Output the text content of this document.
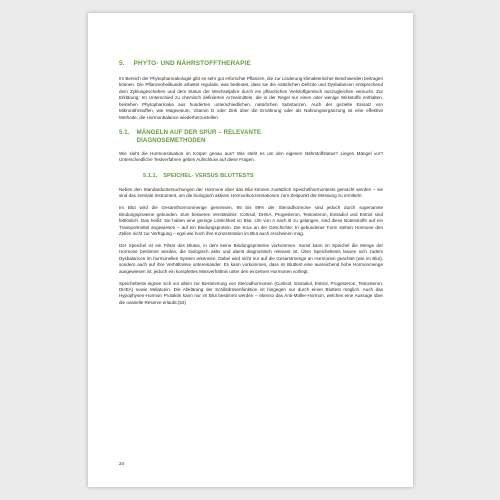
5. PHYTO- UND NÄHRSTOFFTHERAPIE

Im Bereich der Phytopharmakologie gibt es sehr gut erforschte Pflanzen, die zur Linderung klimakterischer Beschwerden beitragen können. Die Pflanzenheilkunde arbeitet regulativ, was bedeutet, dass sie die natürlichen Defizite und Dysbalancen entsprechend dem Zyklusgeschehen und dem Status der Wechseljahre durch ein pflanzliches Vielstoffgemisch auszugleichen versucht. Zur Erklärung: Im Unterschied zu chemisch definierten Arzneimitteln, die in der Regel nur einen oder wenige Wirkstoffe enthalten, bestehen Phytopharmaka aus hunderten unterschiedlichen, natürlichen Substanzen. Auch der gezielte Einsatz von Mikronährstoffen, wie Magnesium, Vitamin D oder Zink über die Ernährung oder als Nahrungsergänzung ist eine effektive Methode, die Hormonbalance wiederherzustellen.

5.1. MÄNGELN AUF DER SPUR – RELEVANTE
DIAGNOSEMETHODEN

Wie sieht die Hormonsituation im Körper genau aus? Wie steht es um den eigenen Nährstoffstatus? Liegen Mängel vor? Unterschiedliche Testverfahren geben Aufschluss auf diese Fragen.

5.1.1. SPEICHEL- VERSUS BLUTTESTS

Neben den Standarduntersuchungen der Hormone über das Blut können zusätzlich Speichelhormontests gemacht werden – sie sind das zentrale Instrument, um die biologisch aktiven Hormonkonzentrationen zum Zeitpunkt der Messung zu ermitteln.

Im Blut wird die Gesamthormonmenge gemessen. 95 bis 98% der Steroidhormone sind jedoch durch sogenannte Bindungsproteine gebunden. Zum besseren Verständnis: Cortisol, DHEA, Progesteron, Testosteron, Estradiol und Estriol sind fettlöslich. Das heißt: Sie haben eine geringe Löslichkeit im Blut. Um von A nach B zu gelangen, sind diese Botenstoffe auf ein Transportmittel angewiesen – auf ein Bindungsprotein. Die Krux an der Geschichte: In gebundener Form stehen Hormone den Zellen nicht zur Verfügung – egal wie hoch ihre Konzentration im Blut auch erscheinen mag.

Der Speichel ist ein Filtrat des Blutes, in dem keine Bindungsproteine vorkommen. Somit kann im Speichel die Menge der Hormone bestimmt werden, die biologisch aktiv und damit diagnostisch relevant ist. Über Speicheltests lassen sich zudem Dysbalancen im hormonellen System erkennen. Dabei wird nicht nur auf die Gesamtmenge an Hormonen geachtet (wie im Blut), sondern auch auf ihre Verhältnisse untereinander. Es kann vorkommen, dass im Bluttest eine ausreichend hohe Hormonmenge ausgewiesen ist, jedoch ein komplettes Missverhältnis unter den einzelnen Hormonen vorliegt.

Speicheltests eignen sich vor allem zur Bestimmung von Steroidhormonen (Cortisol, Estradiol, Estriol, Progesteron, Testosteron, DHEA) sowie Melatonin. Die Abklärung der Schilddrüsenfunktion ist hingegen nur durch einen Bluttest möglich. Auch das Hypophysen-Hormon Prolaktin kann nur im Blut bestimmt werden – ebenso das Anti-Müller-Hormon, welches eine Aussage über die ovarielle Reserve erlaubt.(53)

24
